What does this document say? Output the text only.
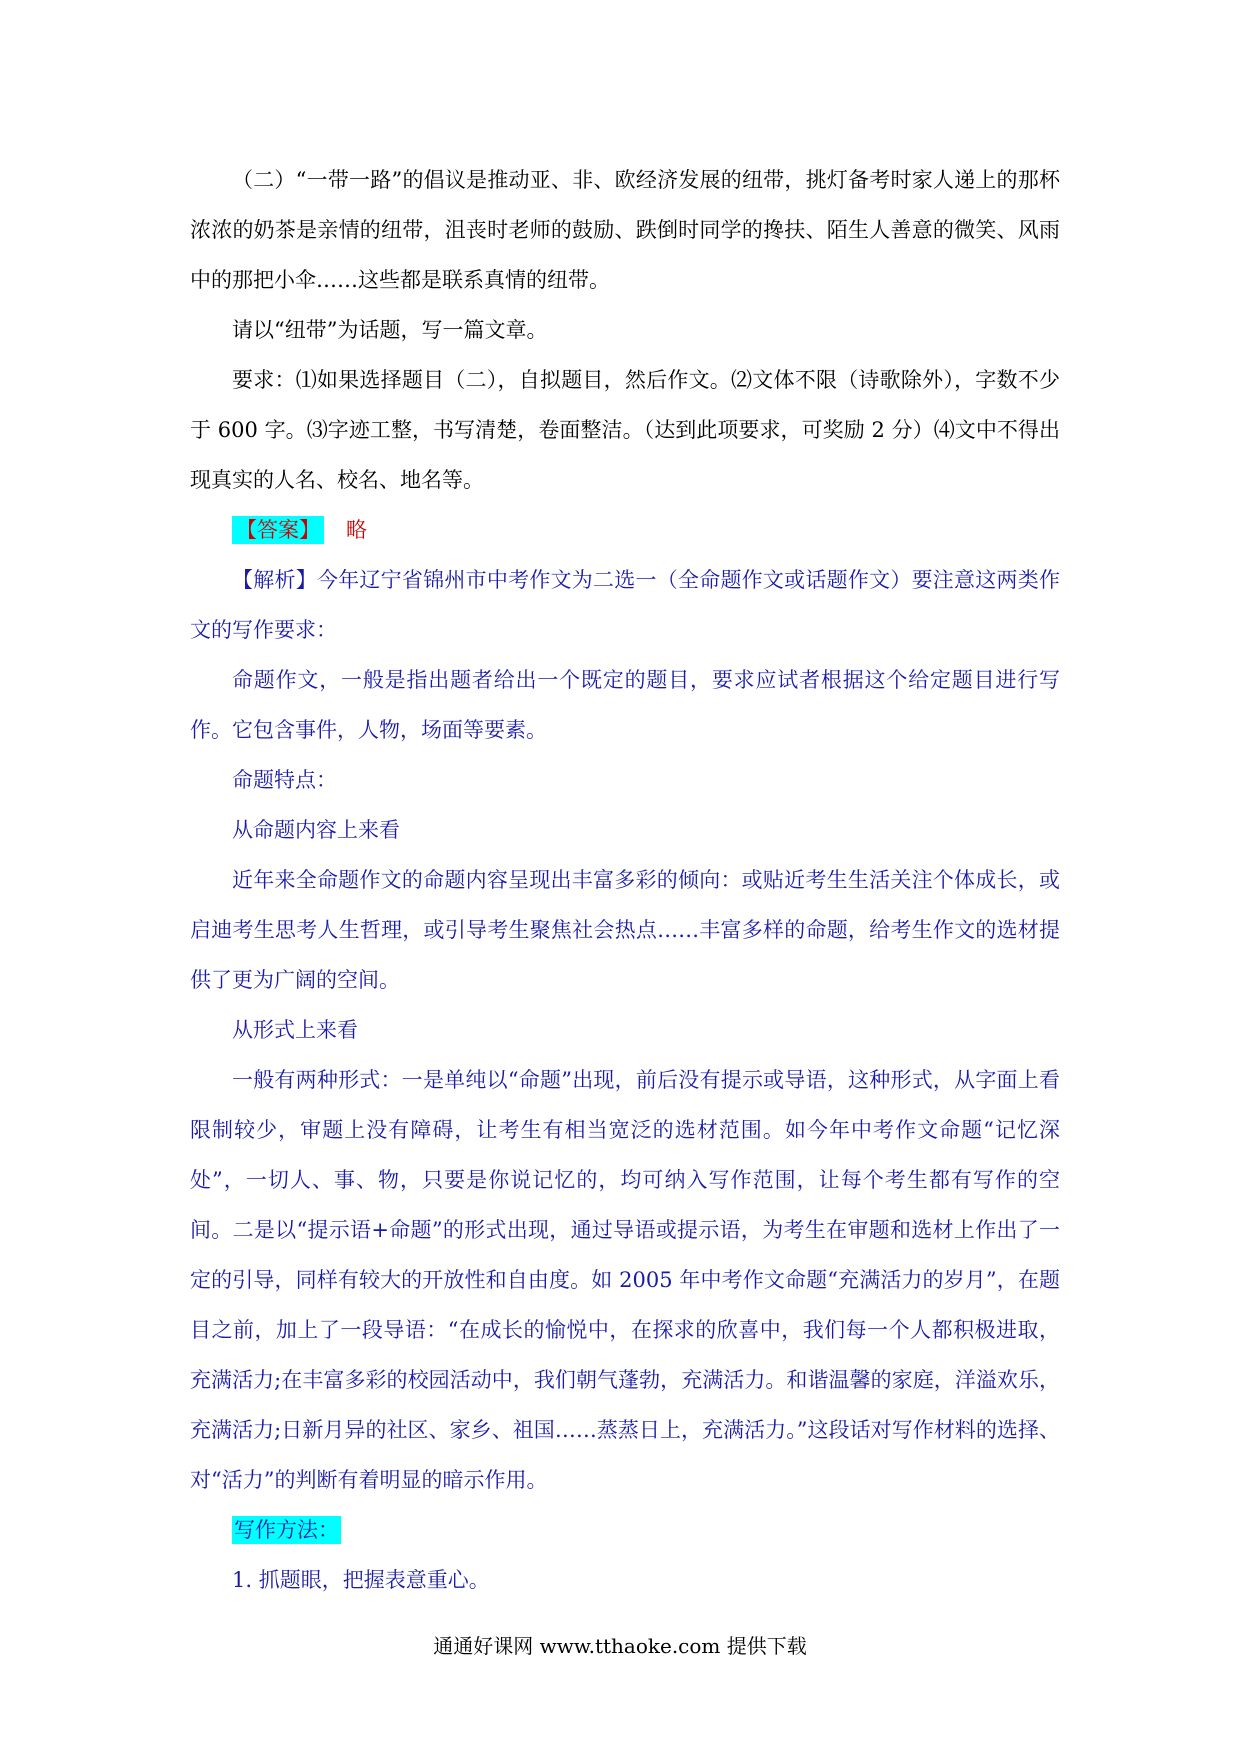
（二）“一带一路”的倡议是推动亚、非、欧经济发展的纽带，挑灯备考时家人递上的那杯浓浓的奶茶是亲情的纽带，沮丧时老师的鼓励、跌倒时同学的搀扶、陌生人善意的微笑、风雨中的那把小伞……这些都是联系真情的纽带。

请以“纽带”为话题，写一篇文章。

要求：⑴如果选择题目（二），自拟题目，然后作文。⑵文体不限（诗歌除外），字数不少于 600 字。⑶字迹工整，书写清楚，卷面整洁。（达到此项要求，可奖励 2 分）⑷文中不得出现真实的人名、校名、地名等。

【答案】 略

【解析】今年辽宁省锦州市中考作文为二选一（全命题作文或话题作文）要注意这两类作文的写作要求：

命题作文，一般是指出题者给出一个既定的题目，要求应试者根据这个给定题目进行写作。它包含事件，人物，场面等要素。

命题特点：

从命题内容上来看

近年来全命题作文的命题内容呈现出丰富多彩的倾向：或贴近考生生活关注个体成长，或启迪考生思考人生哲理，或引导考生聚焦社会热点……丰富多样的命题，给考生作文的选材提供了更为广阔的空间。

从形式上来看

一般有两种形式：一是单纯以“命题”出现，前后没有提示或导语，这种形式，从字面上看限制较少，审题上没有障碍，让考生有相当宽泛的选材范围。如今年中考作文命题“记忆深处”，一切人、事、物，只要是你说记忆的，均可纳入写作范围，让每个考生都有写作的空间。二是以“提示语+命题”的形式出现，通过导语或提示语，为考生在审题和选材上作出了一定的引导，同样有较大的开放性和自由度。如 2005 年中考作文命题“充满活力的岁月”，在题目之前，加上了一段导语：“在成长的愉悦中，在探求的欣喜中，我们每一个人都积极进取，充满活力;在丰富多彩的校园活动中，我们朝气蓬勃，充满活力。和谐温馨的家庭，洋溢欢乐，充满活力;日新月异的社区、家乡、祖国……蒸蒸日上，充满活力。”这段话对写作材料的选择、对“活力”的判断有着明显的暗示作用。

写作方法：

1. 抓题眼，把握表意重心。

通通好课网 www.tthaoke.com 提供下载
